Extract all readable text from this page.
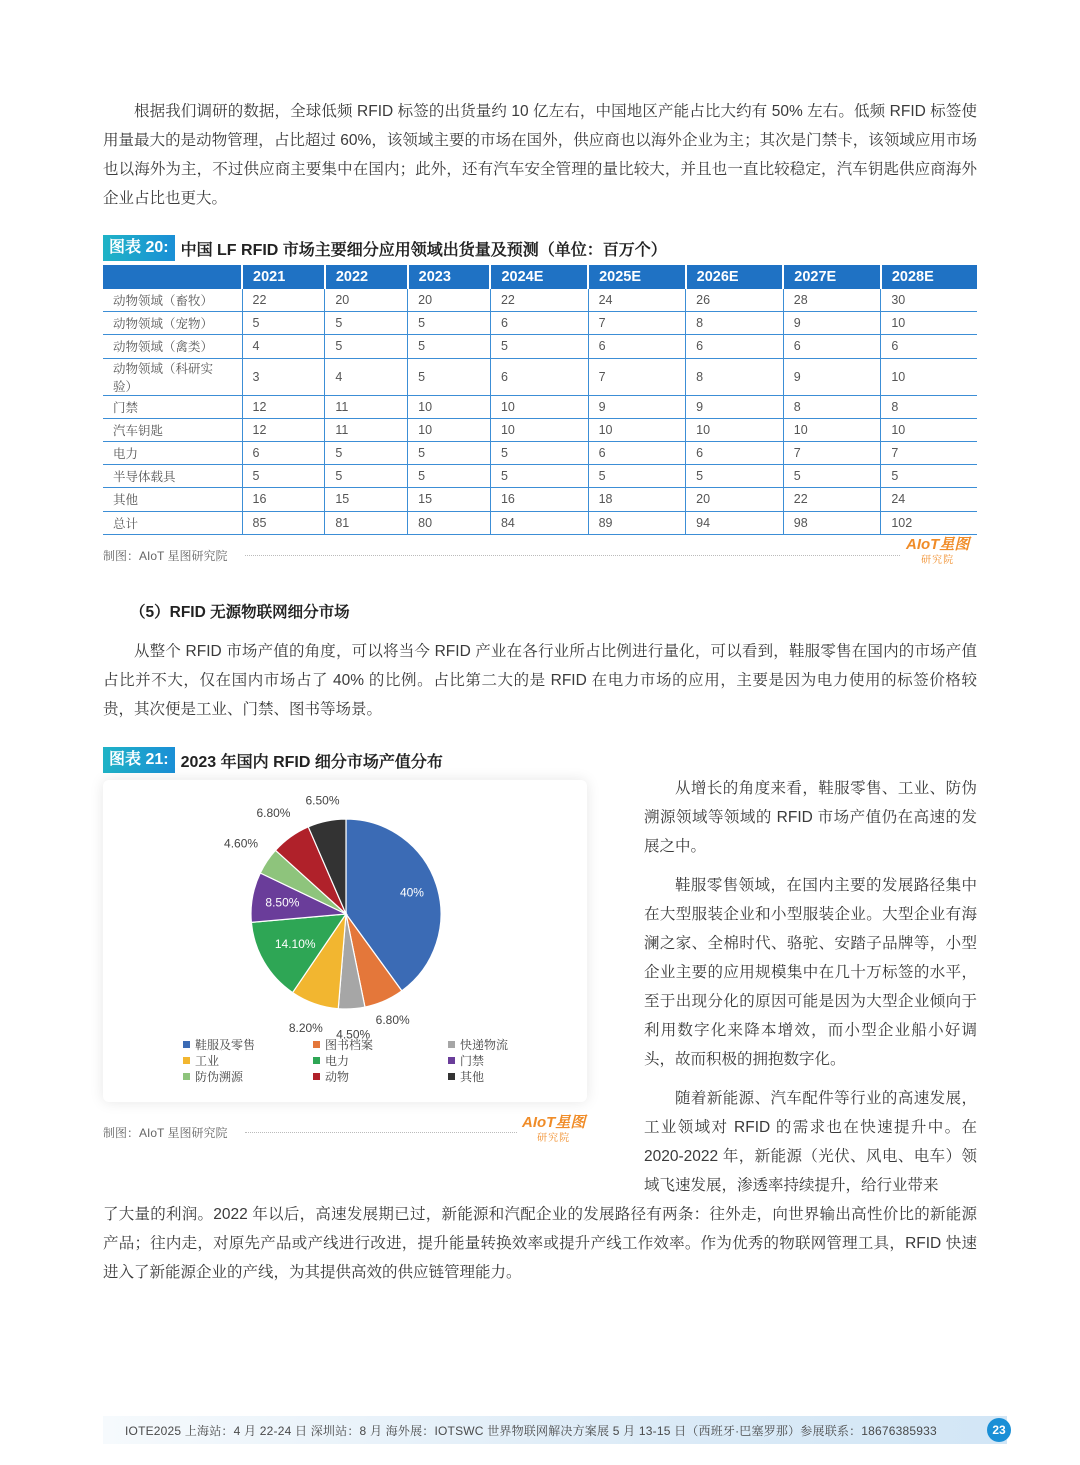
根据我们调研的数据，全球低频 RFID 标签的出货量约 10 亿左右，中国地区产能占比大约有 50% 左右。低频 RFID 标签使用量最大的是动物管理，占比超过 60%，该领域主要的市场在国外，供应商也以海外企业为主；其次是门禁卡，该领域应用市场也以海外为主，不过供应商主要集中在国内；此外，还有汽车安全管理的量比较大，并且也一直比较稳定，汽车钥匙供应商海外企业占比也更大。

图表 20: 中国 LF RFID 市场主要细分应用领域出货量及预测（单位：百万个）
	2021	2022	2023	2024E	2025E	2026E	2027E	2028E
动物领域（畜牧）	22	20	20	22	24	26	28	30
动物领域（宠物）	5	5	5	6	7	8	9	10
动物领域（禽类）	4	5	5	5	6	6	6	6
动物领域（科研实验）	3	4	5	6	7	8	9	10
门禁	12	11	10	10	9	9	8	8
汽车钥匙	12	11	10	10	10	10	10	10
电力	6	5	5	5	6	6	7	7
半导体载具	5	5	5	5	5	5	5	5
其他	16	15	15	16	18	20	22	24
总计	85	81	80	84	89	94	98	102
制图：AIoT 星图研究院
AIoT星图
研究院
（5）RFID 无源物联网细分市场

从整个 RFID 市场产值的角度，可以将当今 RFID 产业在各行业所占比例进行量化，可以看到，鞋服零售在国内的市场产值占比并不大，仅在国内市场占了 40% 的比例。占比第二大的是 RFID 在电力市场的应用，主要是因为电力使用的标签价格较贵，其次便是工业、门禁、图书等场景。

图表 21: 2023 年国内 RFID 细分市场产值分布
40%
6.80%
4.50%
8.20%
14.10%
8.50%
4.60%
6.80%
6.50%
鞋服及零售	图书档案	快递物流
工业	电力	门禁
防伪溯源	动物	其他
制图：AIoT 星图研究院
AIoT星图
研究院

从增长的角度来看，鞋服零售、工业、防伪溯源领域等领域的 RFID 市场产值仍在高速的发展之中。

鞋服零售领域，在国内主要的发展路径集中在大型服装企业和小型服装企业。大型企业有海澜之家、全棉时代、骆驼、安踏子品牌等，小型企业主要的应用规模集中在几十万标签的水平，至于出现分化的原因可能是因为大型企业倾向于利用数字化来降本增效，而小型企业船小好调头，故而积极的拥抱数字化。

随着新能源、汽车配件等行业的高速发展，工业领域对 RFID 的需求也在快速提升中。在 2020-2022 年，新能源（光伏、风电、电车）领域飞速发展，渗透率持续提升，给行业带来

了大量的利润。2022 年以后，高速发展期已过，新能源和汽配企业的发展路径有两条：往外走，向世界输出高性价比的新能源产品；往内走，对原先产品或产线进行改进，提升能量转换效率或提升产线工作效率。作为优秀的物联网管理工具，RFID 快速进入了新能源企业的产线，为其提供高效的供应链管理能力。

IOTE2025 上海站：4 月 22-24 日 深圳站：8 月 海外展：IOTSWC 世界物联网解决方案展 5 月 13-15 日（西班牙·巴塞罗那）参展联系：18676385933	23
